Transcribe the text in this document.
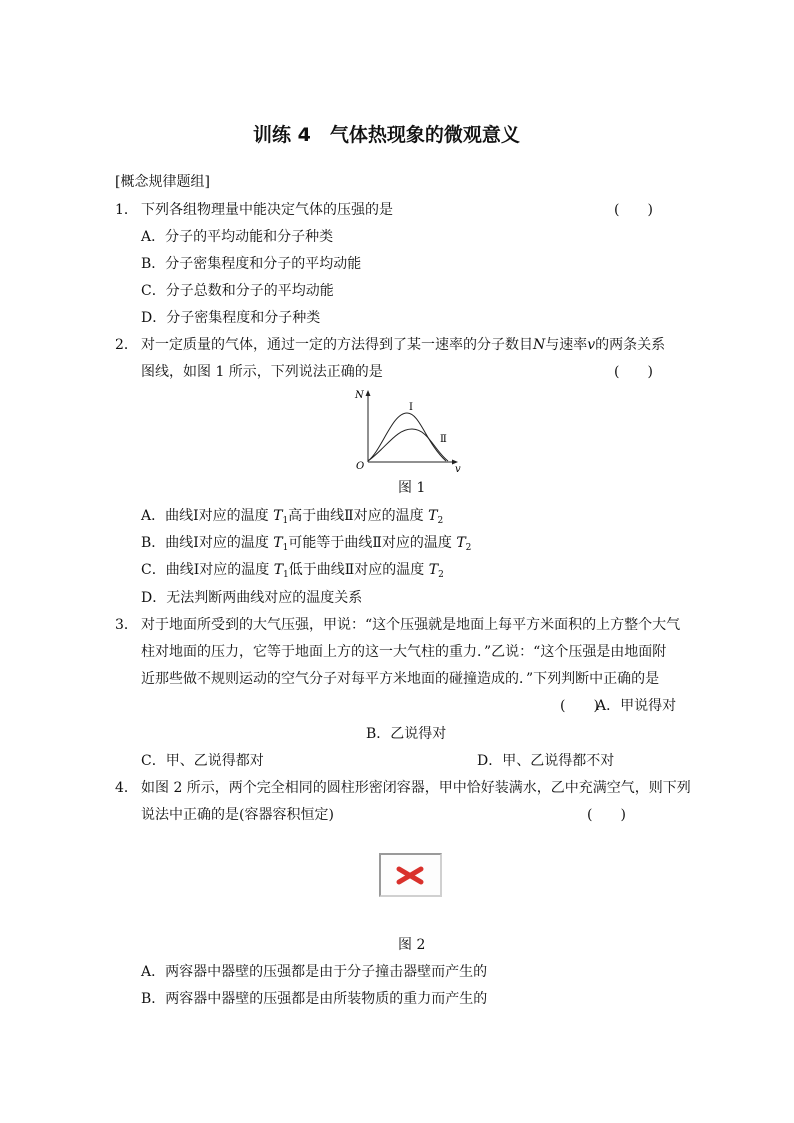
训练 4　气体热现象的微观意义
[概念规律题组]
1． 下列各组物理量中能决定气体的压强的是	(　　)
A．分子的平均动能和分子种类
B．分子密集程度和分子的平均动能
C．分子总数和分子的平均动能
D．分子密集程度和分子种类
2． 对一定质量的气体，通过一定的方法得到了某一速率的分子数目N与速率v的两条关系
图线，如图 1 所示，下列说法正确的是	(　　)
N
v
O
Ⅰ
Ⅱ
图 1
A．曲线Ⅰ对应的温度 $T_1$高于曲线Ⅱ对应的温度 $T_2$
B．曲线Ⅰ对应的温度 $T_1$可能等于曲线Ⅱ对应的温度 $T_2$
C．曲线Ⅰ对应的温度 $T_1$低于曲线Ⅱ对应的温度 $T_2$
D．无法判断两曲线对应的温度关系
3． 对于地面所受到的大气压强，甲说：“这个压强就是地面上每平方米面积的上方整个大气
柱对地面的压力，它等于地面上方的这一大气柱的重力．”乙说：“这个压强是由地面附
近那些做不规则运动的空气分子对每平方米地面的碰撞造成的．”下列判断中正确的是
(　　)
A．甲说得对
B．乙说得对
C．甲、乙说得都对	D．甲、乙说得都不对
4． 如图 2 所示，两个完全相同的圆柱形密闭容器，甲中恰好装满水，乙中充满空气，则下列
说法中正确的是(容器容积恒定)	(　　)
图 2
A．两容器中器壁的压强都是由于分子撞击器壁而产生的
B．两容器中器壁的压强都是由所装物质的重力而产生的
